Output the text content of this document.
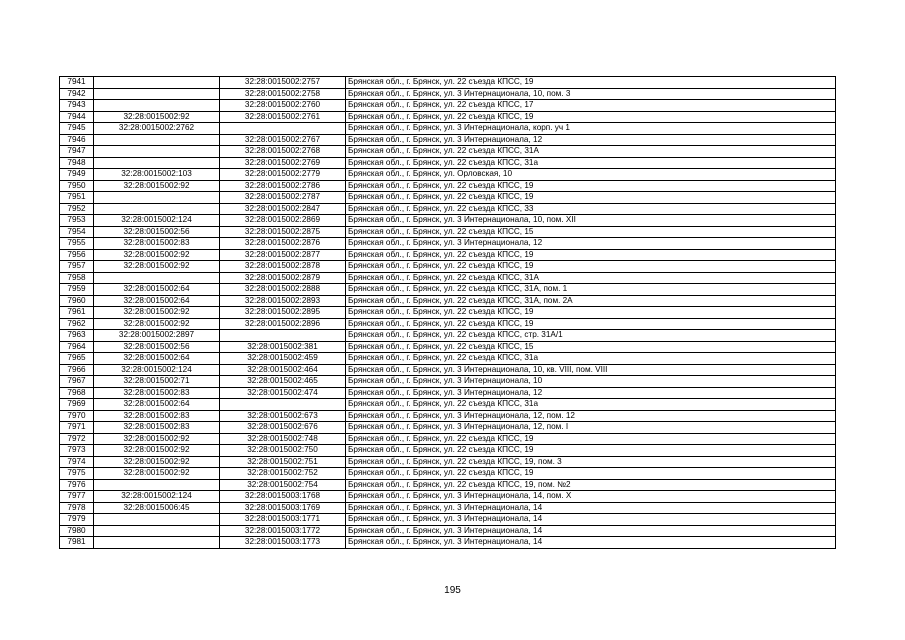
7941		32:28:0015002:2757	Брянская обл., г. Брянск, ул. 22 съезда КПСС, 19
7942		32:28:0015002:2758	Брянская обл., г. Брянск, ул. 3 Интернационала, 10, пом. 3
7943		32:28:0015002:2760	Брянская обл., г. Брянск, ул. 22 съезда КПСС, 17
7944	32:28:0015002:92	32:28:0015002:2761	Брянская обл., г. Брянск, ул. 22 съезда КПСС, 19
7945	32:28:0015002:2762		Брянская обл., г. Брянск, ул. 3 Интернационала, корп. уч 1
7946		32:28:0015002:2767	Брянская обл., г. Брянск, ул. 3 Интернационала, 12
7947		32:28:0015002:2768	Брянская обл., г. Брянск, ул. 22 съезда КПСС, 31А
7948		32:28:0015002:2769	Брянская обл., г. Брянск, ул. 22 съезда КПСС, 31а
7949	32:28:0015002:103	32:28:0015002:2779	Брянская обл., г. Брянск, ул. Орловская, 10
7950	32:28:0015002:92	32:28:0015002:2786	Брянская обл., г. Брянск, ул. 22 съезда КПСС, 19
7951		32:28:0015002:2787	Брянская обл., г. Брянск, ул. 22 съезда КПСС, 19
7952		32:28:0015002:2847	Брянская обл., г. Брянск, ул. 22 съезда КПСС, 33
7953	32:28:0015002:124	32:28:0015002:2869	Брянская обл., г. Брянск, ул. 3 Интернационала, 10, пом. XII
7954	32:28:0015002:56	32:28:0015002:2875	Брянская обл., г. Брянск, ул. 22 съезда КПСС, 15
7955	32:28:0015002:83	32:28:0015002:2876	Брянская обл., г. Брянск, ул. 3 Интернационала, 12
7956	32:28:0015002:92	32:28:0015002:2877	Брянская обл., г. Брянск, ул. 22 съезда КПСС, 19
7957	32:28:0015002:92	32:28:0015002:2878	Брянская обл., г. Брянск, ул. 22 съезда КПСС, 19
7958		32:28:0015002:2879	Брянская обл., г. Брянск, ул. 22 съезда КПСС, 31А
7959	32:28:0015002:64	32:28:0015002:2888	Брянская обл., г. Брянск, ул. 22 съезда КПСС, 31А, пом. 1
7960	32:28:0015002:64	32:28:0015002:2893	Брянская обл., г. Брянск, ул. 22 съезда КПСС, 31А, пом. 2А
7961	32:28:0015002:92	32:28:0015002:2895	Брянская обл., г. Брянск, ул. 22 съезда КПСС, 19
7962	32:28:0015002:92	32:28:0015002:2896	Брянская обл., г. Брянск, ул. 22 съезда КПСС, 19
7963	32:28:0015002:2897		Брянская обл., г. Брянск, ул. 22 съезда КПСС, стр. 31А/1
7964	32:28:0015002:56	32:28:0015002:381	Брянская обл., г. Брянск, ул. 22 съезда КПСС, 15
7965	32:28:0015002:64	32:28:0015002:459	Брянская обл., г. Брянск, ул. 22 съезда КПСС, 31а
7966	32:28:0015002:124	32:28:0015002:464	Брянская обл., г. Брянск, ул. 3 Интернационала, 10, кв. VIII, пом. VIII
7967	32:28:0015002:71	32:28:0015002:465	Брянская обл., г. Брянск, ул. 3 Интернационала, 10
7968	32:28:0015002:83	32:28:0015002:474	Брянская обл., г. Брянск, ул. 3 Интернационала, 12
7969	32:28:0015002:64		Брянская обл., г. Брянск, ул. 22 съезда КПСС, 31а
7970	32:28:0015002:83	32:28:0015002:673	Брянская обл., г. Брянск, ул. 3 Интернационала, 12, пом. 12
7971	32:28:0015002:83	32:28:0015002:676	Брянская обл., г. Брянск, ул. 3 Интернационала, 12, пом. I
7972	32:28:0015002:92	32:28:0015002:748	Брянская обл., г. Брянск, ул. 22 съезда КПСС, 19
7973	32:28:0015002:92	32:28:0015002:750	Брянская обл., г. Брянск, ул. 22 съезда КПСС, 19
7974	32:28:0015002:92	32:28:0015002:751	Брянская обл., г. Брянск, ул. 22 съезда КПСС, 19, пом. 3
7975	32:28:0015002:92	32:28:0015002:752	Брянская обл., г. Брянск, ул. 22 съезда КПСС, 19
7976		32:28:0015002:754	Брянская обл., г. Брянск, ул. 22 съезда КПСС, 19, пом. №2
7977	32:28:0015002:124	32:28:0015003:1768	Брянская обл., г. Брянск, ул. 3 Интернационала, 14, пом. X
7978	32:28:0015006:45	32:28:0015003:1769	Брянская обл., г. Брянск, ул. 3 Интернационала, 14
7979		32:28:0015003:1771	Брянская обл., г. Брянск, ул. 3 Интернационала, 14
7980		32:28:0015003:1772	Брянская обл., г. Брянск, ул. 3 Интернационала, 14
7981		32:28:0015003:1773	Брянская обл., г. Брянск, ул. 3 Интернационала, 14
195
